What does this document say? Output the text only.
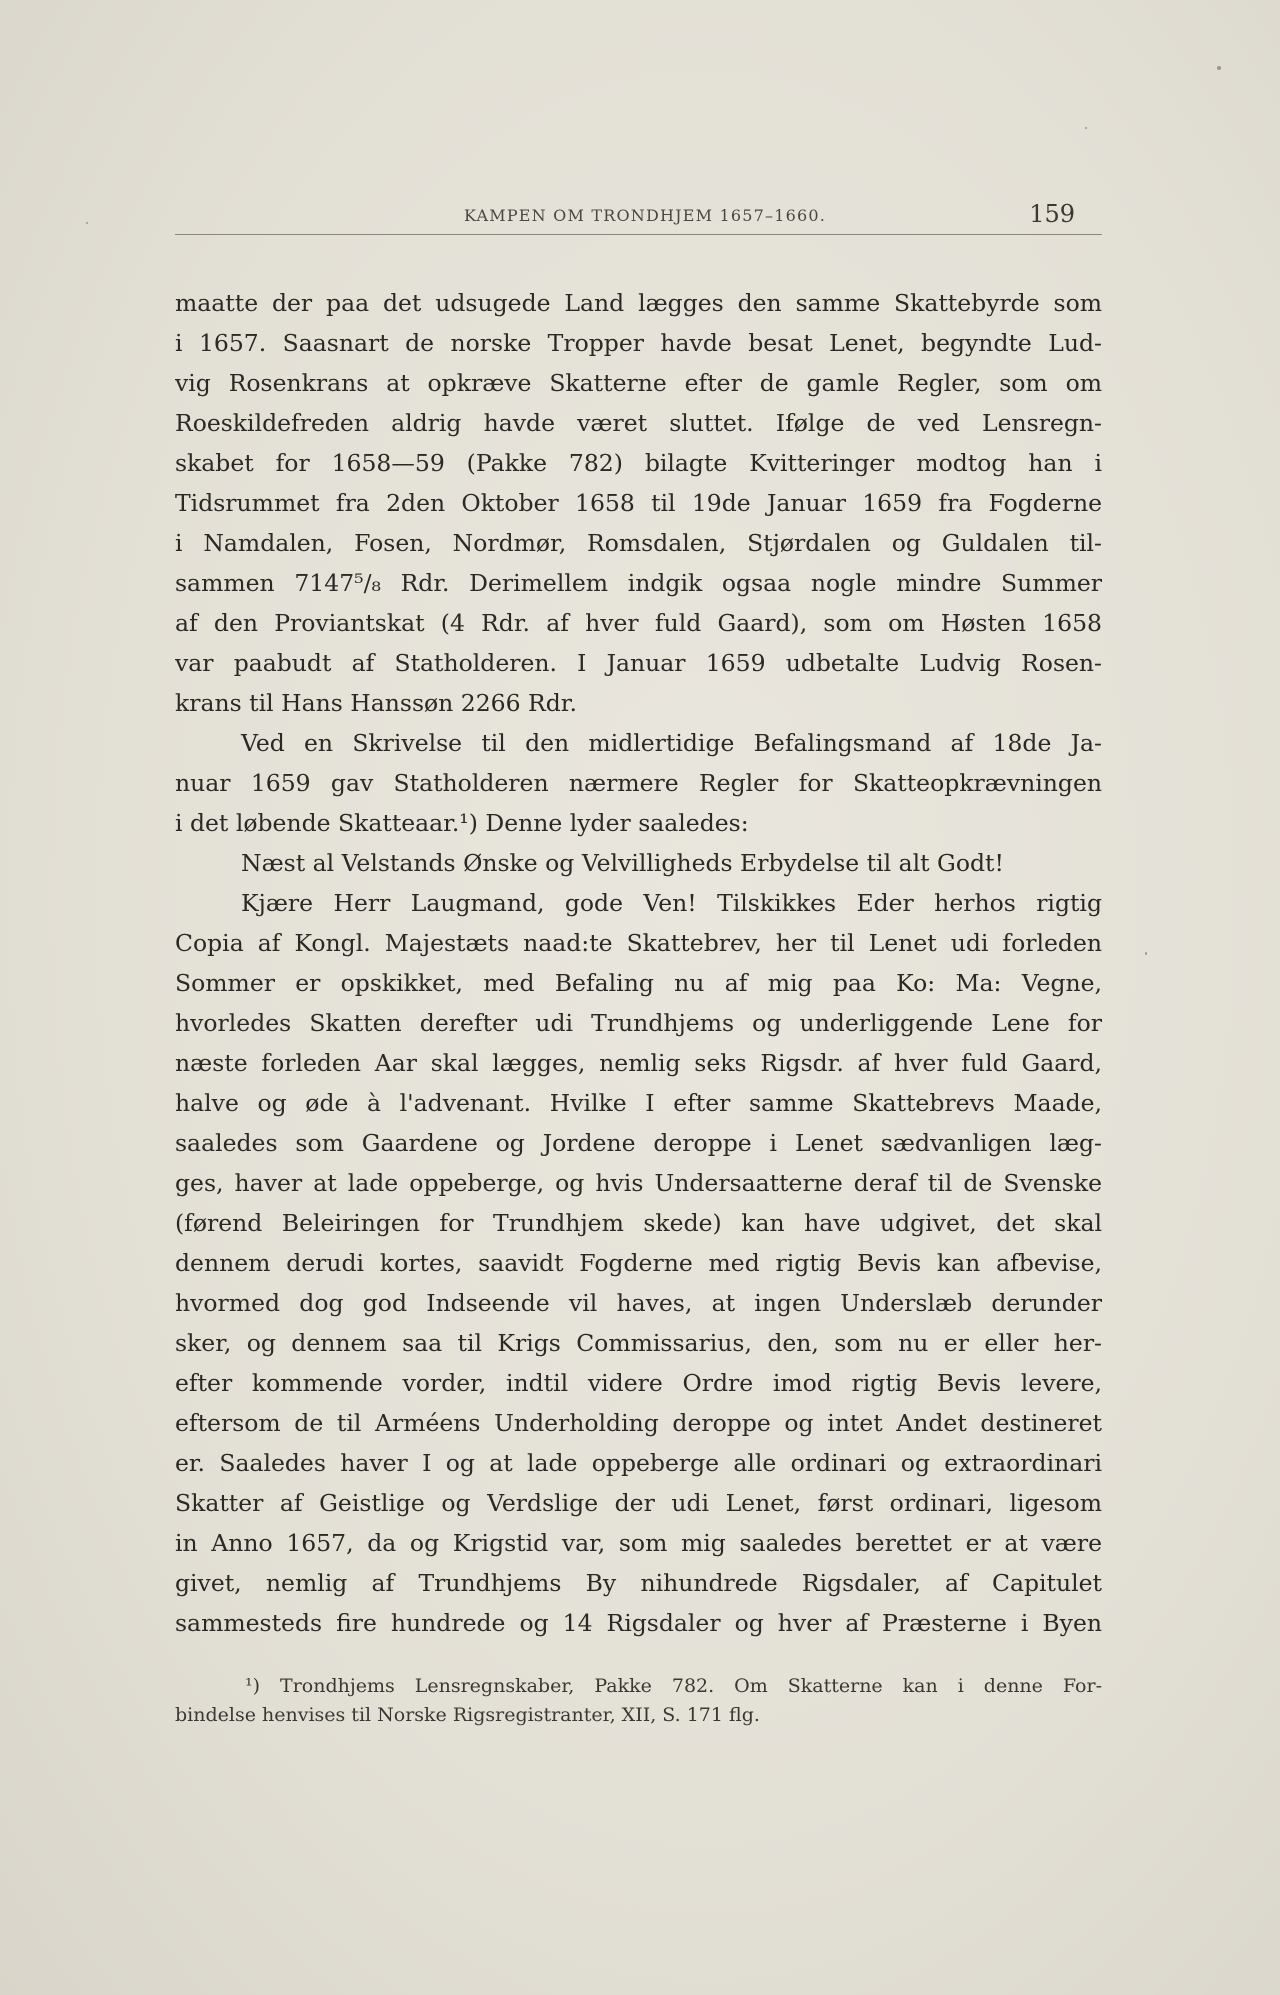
KAMPEN OM TRONDHJEM 1657–1660.	159
maatte der paa det udsugede Land lægges den samme Skattebyrde som
i 1657. Saasnart de norske Tropper havde besat Lenet, begyndte Lud-
vig Rosenkrans at opkræve Skatterne efter de gamle Regler, som om
Roeskildefreden aldrig havde været sluttet. Ifølge de ved Lensregn-
skabet for 1658—59 (Pakke 782) bilagte Kvitteringer modtog han i
Tidsrummet fra 2den Oktober 1658 til 19de Januar 1659 fra Fogderne
i Namdalen, Fosen, Nordmør, Romsdalen, Stjørdalen og Guldalen til-
sammen 7147⁵/₈ Rdr. Derimellem indgik ogsaa nogle mindre Summer
af den Proviantskat (4 Rdr. af hver fuld Gaard), som om Høsten 1658
var paabudt af Statholderen. I Januar 1659 udbetalte Ludvig Rosen-
krans til Hans Hanssøn 2266 Rdr.
Ved en Skrivelse til den midlertidige Befalingsmand af 18de Ja-
nuar 1659 gav Statholderen nærmere Regler for Skatteopkrævningen
i det løbende Skatteaar.¹) Denne lyder saaledes:
Næst al Velstands Ønske og Velvilligheds Erbydelse til alt Godt!
Kjære Herr Laugmand, gode Ven! Tilskikkes Eder herhos rigtig
Copia af Kongl. Majestæts naad:te Skattebrev, her til Lenet udi forleden
Sommer er opskikket, med Befaling nu af mig paa Ko: Ma: Vegne,
hvorledes Skatten derefter udi Trundhjems og underliggende Lene for
næste forleden Aar skal lægges, nemlig seks Rigsdr. af hver fuld Gaard,
halve og øde à l'advenant. Hvilke I efter samme Skattebrevs Maade,
saaledes som Gaardene og Jordene deroppe i Lenet sædvanligen læg-
ges, haver at lade oppeberge, og hvis Undersaatterne deraf til de Svenske
(førend Beleiringen for Trundhjem skede) kan have udgivet, det skal
dennem derudi kortes, saavidt Fogderne med rigtig Bevis kan afbevise,
hvormed dog god Indseende vil haves, at ingen Underslæb derunder
sker, og dennem saa til Krigs Commissarius, den, som nu er eller her-
efter kommende vorder, indtil videre Ordre imod rigtig Bevis levere,
eftersom de til Arméens Underholding deroppe og intet Andet destineret
er. Saaledes haver I og at lade oppeberge alle ordinari og extraordinari
Skatter af Geistlige og Verdslige der udi Lenet, først ordinari, ligesom
in Anno 1657, da og Krigstid var, som mig saaledes berettet er at være
givet, nemlig af Trundhjems By nihundrede Rigsdaler, af Capitulet
sammesteds fire hundrede og 14 Rigsdaler og hver af Præsterne i Byen
¹) Trondhjems Lensregnskaber, Pakke 782. Om Skatterne kan i denne For-
bindelse henvises til Norske Rigsregistranter, XII, S. 171 flg.
